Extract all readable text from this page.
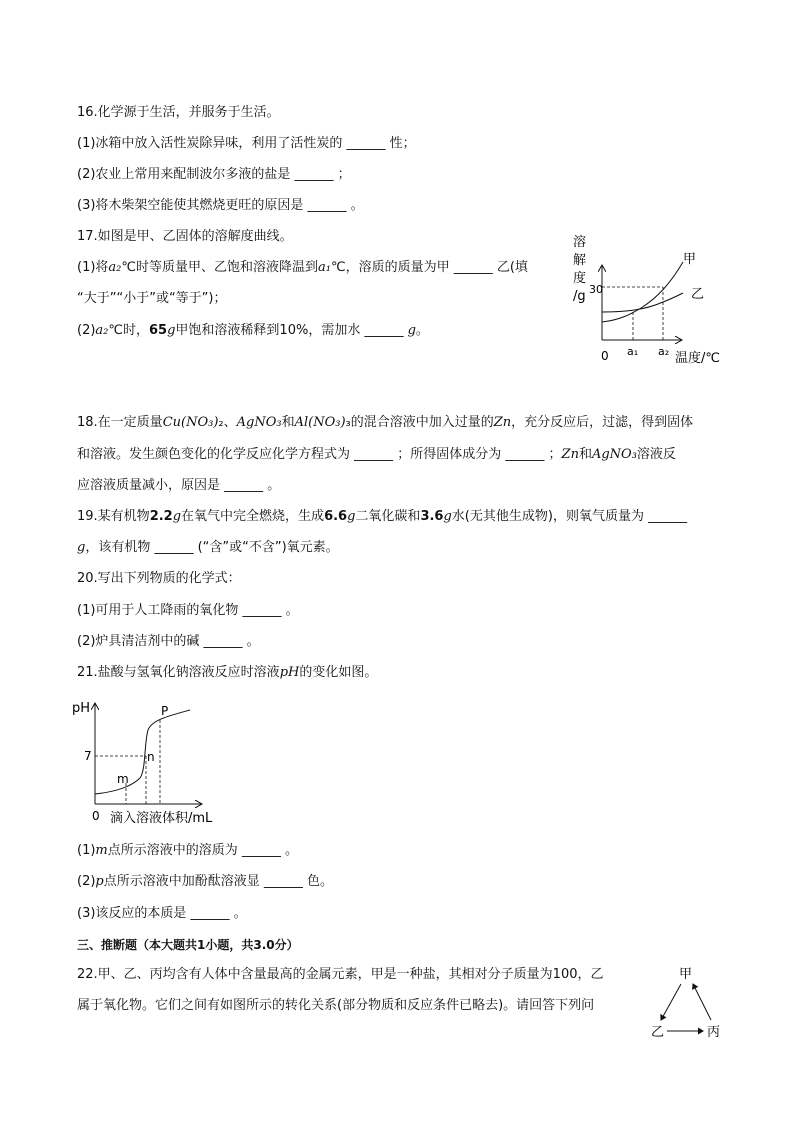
16.化学源于生活，并服务于生活。
(1)冰箱中放入活性炭除异味，利用了活性炭的 ______ 性；
(2)农业上常用来配制波尔多液的盐是 ______ ；
(3)将木柴架空能使其燃烧更旺的原因是 ______ 。
17.如图是甲、乙固体的溶解度曲线。
(1)将a₂℃时等质量甲、乙饱和溶液降温到a₁℃，溶质的质量为甲 ______ 乙(填
“大于”“小于”或“等于”)；
(2)a₂℃时，65g甲饱和溶液稀释到10%，需加水 ______ g。
溶
解
度
/g 30
0 a₁ a₂ 温度/℃
甲
乙
18.在一定质量Cu(NO₃)₂、AgNO₃和Al(NO₃)₃的混合溶液中加入过量的Zn，充分反应后，过滤，得到固体
和溶液。发生颜色变化的化学反应化学方程式为 ______ ；所得固体成分为 ______ ；Zn和AgNO₃溶液反
应溶液质量减小，原因是 ______ 。
19.某有机物2.2g在氧气中完全燃烧，生成6.6g二氧化碳和3.6g水(无其他生成物)，则氧气质量为 ______
g，该有机物 ______ (“含”或“不含”)氧元素。
20.写出下列物质的化学式：
(1)可用于人工降雨的氧化物 ______ 。
(2)炉具清洁剂中的碱 ______ 。
21.盐酸与氢氧化钠溶液反应时溶液pH的变化如图。
pH
7
0 滴入溶液体积/mL
m
n
P
(1)m点所示溶液中的溶质为 ______ 。
(2)p点所示溶液中加酚酞溶液显 ______ 色。
(3)该反应的本质是 ______ 。
三、推断题（本大题共1小题，共3.0分）
22.甲、乙、丙均含有人体中含量最高的金属元素，甲是一种盐，其相对分子质量为100，乙
属于氧化物。它们之间有如图所示的转化关系(部分物质和反应条件已略去)。请回答下列问
甲
乙	丙
